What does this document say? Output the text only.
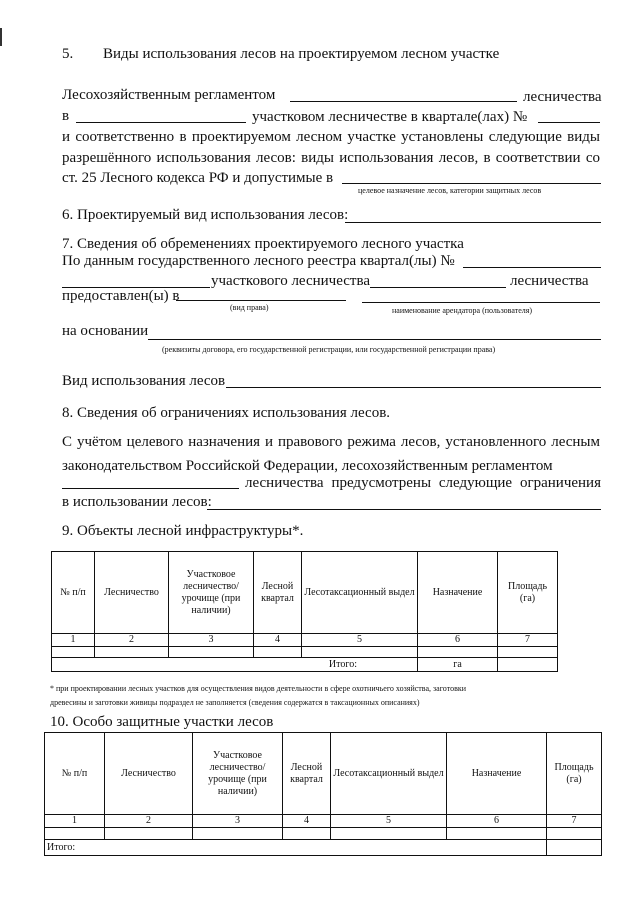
5. Виды использования лесов на проектируемом лесном участке
Лесохозяйственным регламентом	лесничества
в	участковом лесничестве в квартале(лах) №
и соответственно в проектируемом лесном участке установлены следующие виды
разрешённого использования лесов: виды использования лесов, в соответствии со
ст. 25 Лесного кодекса РФ и допустимые в
целевое назначение лесов, категории защитных лесов
6. Проектируемый вид использования лесов:
7. Сведения об обременениях проектируемого лесного участка
По данным государственного лесного реестра квартал(лы) №
участкового лесничества	лесничества
предоставлен(ы) в
(вид права)	наименование арендатора (пользователя)
на основании
(реквизиты договора, его государственной регистрации, или государственной регистрации права)
Вид использования лесов
8. Сведения об ограничениях использования лесов.
С учётом целевого назначения и правового режима лесов, установленного лесным
законодательством Российской Федерации, лесохозяйственным регламентом
лесничества предусмотрены следующие ограничения
в использовании лесов:
9. Объекты лесной инфраструктуры*.
№ п/п	Лесничество	Участковое лесничество/ урочище (при наличии)	Лесной квартал	Лесотаксационный выдел	Назначение	Площадь (га)
1	2	3	4	5	6	7

Итого:					га	
* при проектировании лесных участков для осуществления видов деятельности в сфере охотничьего хозяйства, заготовки
древесины и заготовки живицы подраздел не заполняется (сведения содержатся в таксационных описаниях)
10. Особо защитные участки лесов
№ п/п	Лесничество	Участковое лесничество/ урочище (при наличии)	Лесной квартал	Лесотаксационный выдел	Назначение	Площадь (га)
1	2	3	4	5	6	7

Итого:						
